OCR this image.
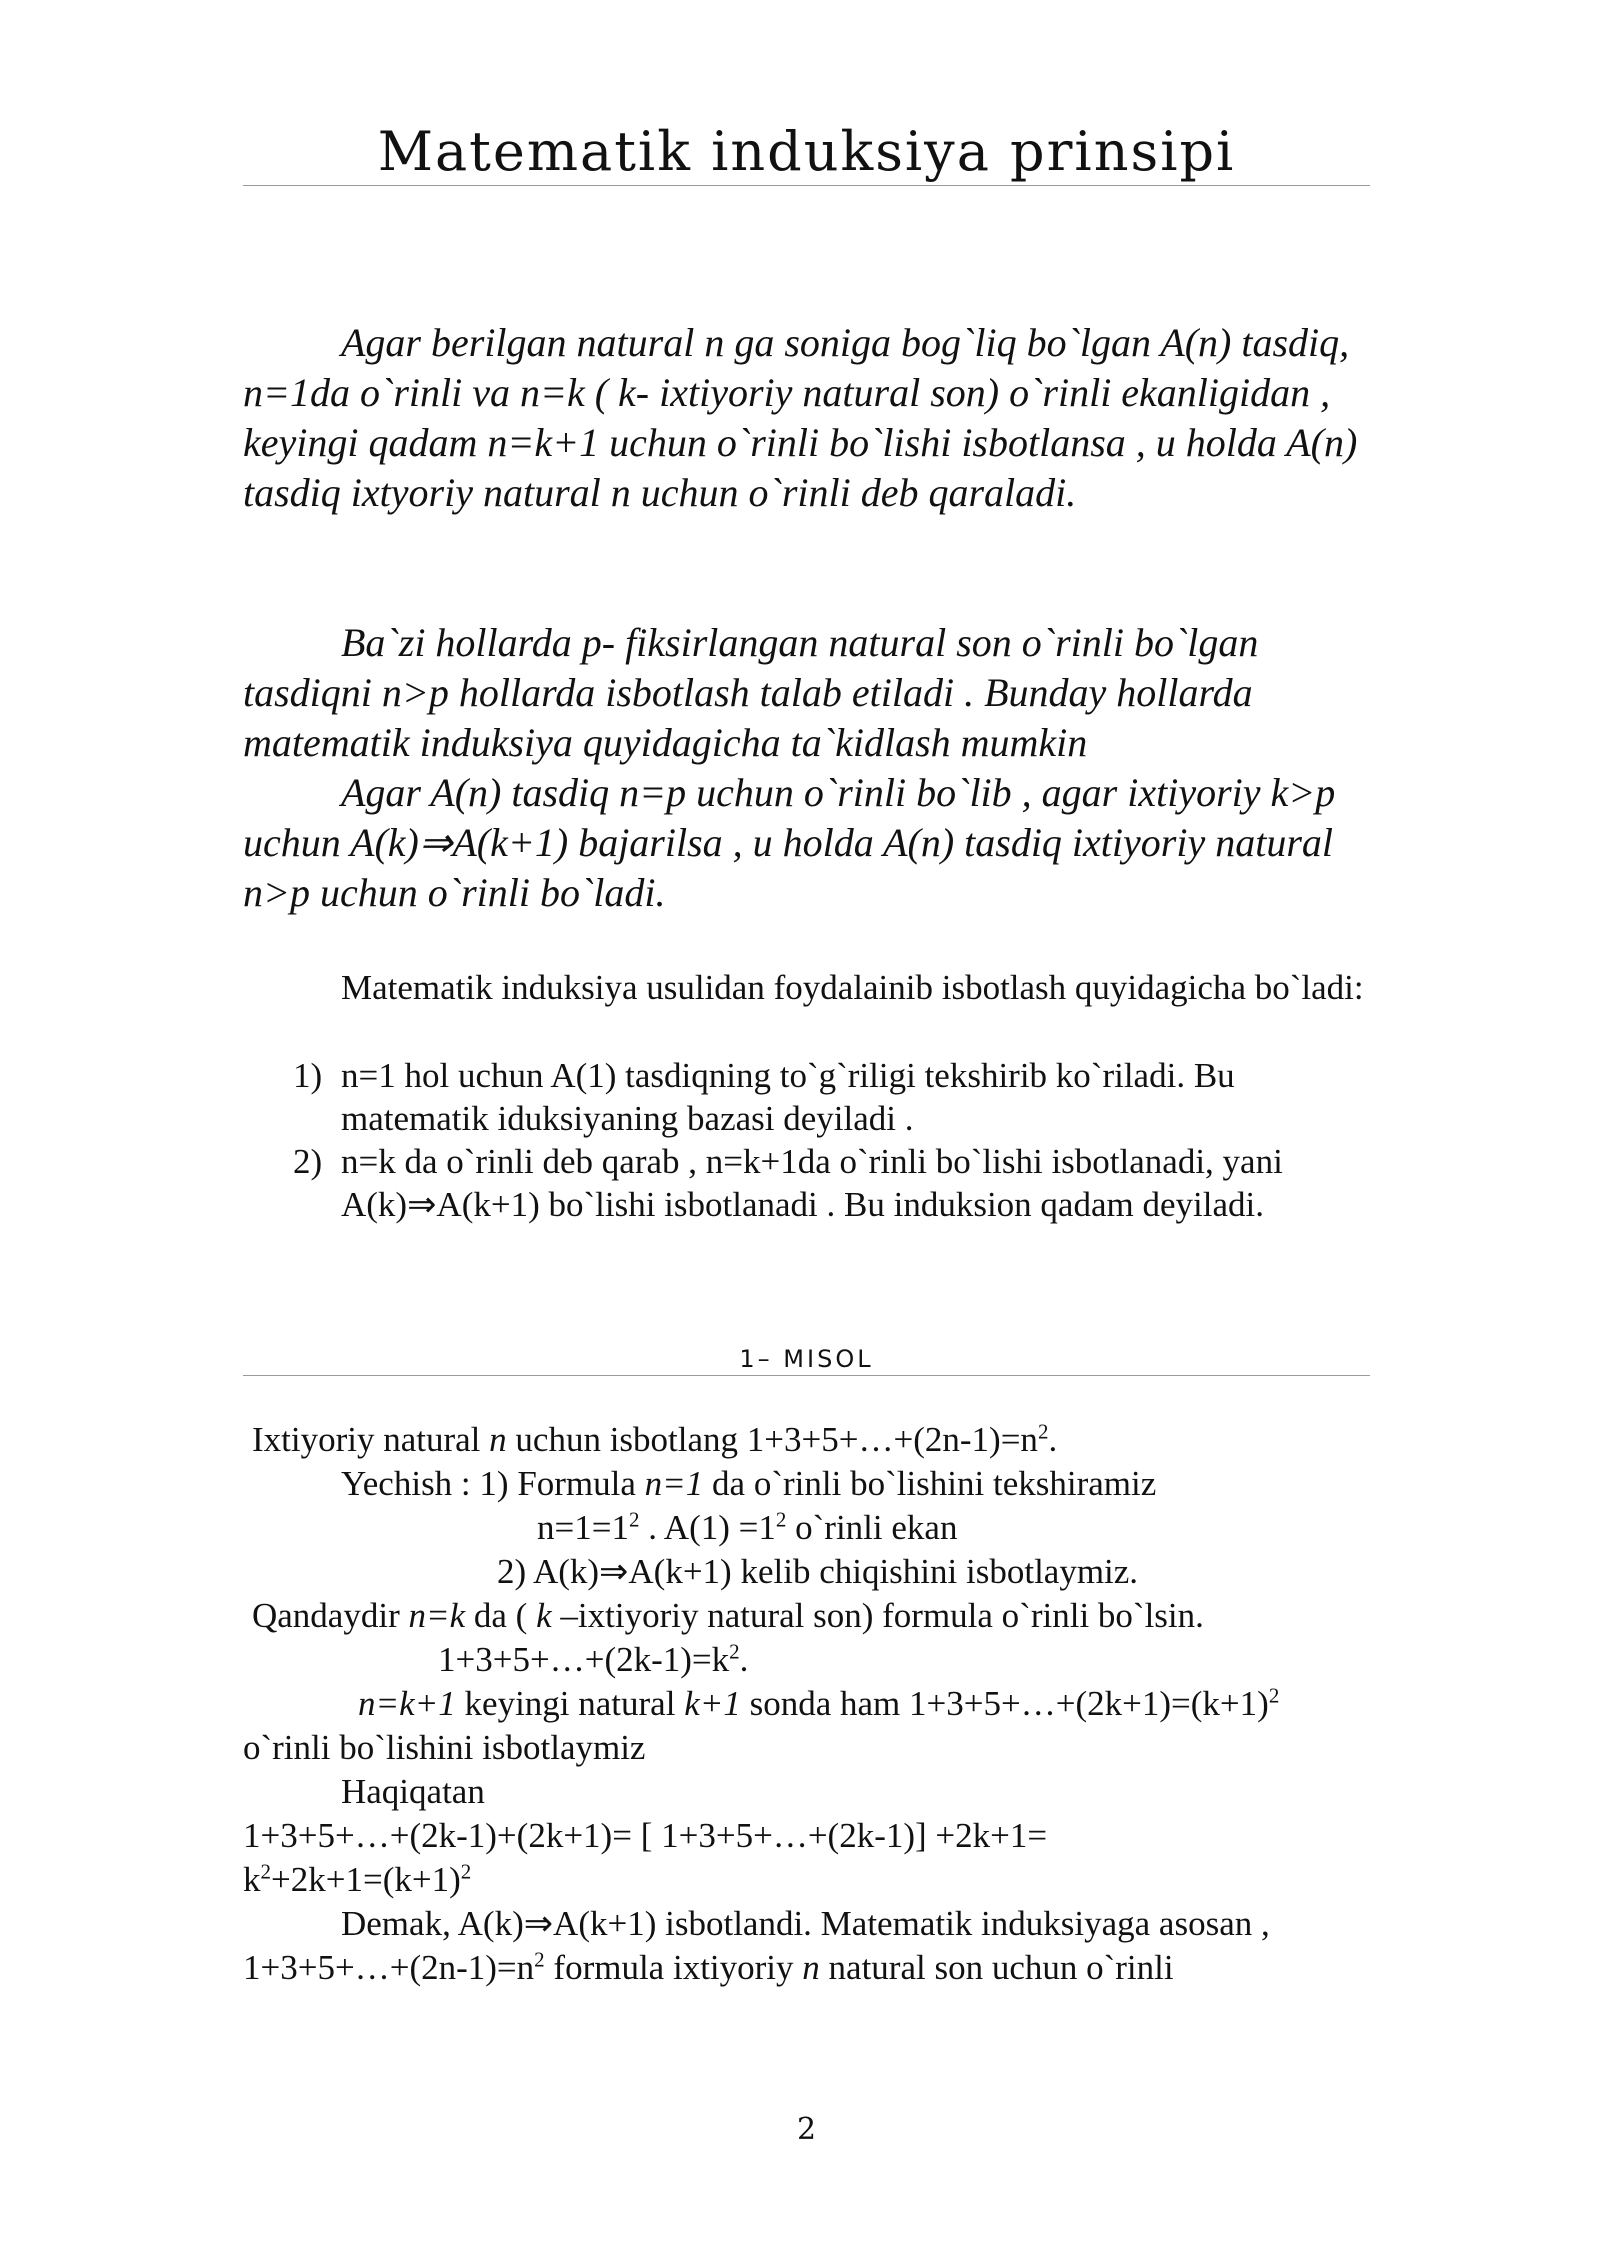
Matematik induksiya prinsipi

Agar berilgan natural n ga soniga bog`liq bo`lgan A(n) tasdiq, n=1da o`rinli va n=k ( k- ixtiyoriy natural son) o`rinli ekanligidan , keyingi qadam n=k+1 uchun o`rinli bo`lishi isbotlansa , u holda A(n) tasdiq ixtyoriy natural n uchun o`rinli deb qaraladi.

Ba`zi hollarda p- fiksirlangan natural son o`rinli bo`lgan tasdiqni n>p hollarda isbotlash talab etiladi . Bunday hollarda matematik induksiya quyidagicha ta`kidlash mumkin

Agar A(n) tasdiq n=p uchun o`rinli bo`lib , agar ixtiyoriy k>p uchun A(k)⇒A(k+1) bajarilsa , u holda A(n) tasdiq ixtiyoriy natural n>p uchun o`rinli bo`ladi.

Matematik induksiya usulidan foydalainib isbotlash quyidagicha bo`ladi:

1) n=1 hol uchun A(1) tasdiqning to`g`riligi tekshirib ko`riladi. Bu matematik iduksiyaning bazasi deyiladi .
2) n=k da o`rinli deb qarab , n=k+1da o`rinli bo`lishi isbotlanadi, yani A(k)⇒A(k+1) bo`lishi isbotlanadi . Bu induksion qadam deyiladi.
1– MISOL

Ixtiyoriy natural n uchun isbotlang $1+3+5+\dots+(2n-1)=n^2$.

Yechish : 1) Formula n=1 da o`rinli bo`lishini tekshiramiz

$n=1=1^2$ . $A(1) =1^2$ o`rinli ekan

2) A(k)⇒A(k+1) kelib chiqishini isbotlaymiz.

Qandaydir n=k da ( k –ixtiyoriy natural son) formula o`rinli bo`lsin.

$1+3+5+\dots+(2k-1)=k^2$.

n=k+1 keyingi natural k+1 sonda ham $1+3+5+\dots+(2k+1)=(k+1)^2$

o`rinli bo`lishini isbotlaymiz

Haqiqatan

1+3+5+…+(2k-1)+(2k+1)= [ 1+3+5+…+(2k-1)] +2k+1=

$k^2+2k+1=(k+1)^2$

Demak, A(k)⇒A(k+1) isbotlandi. Matematik induksiyaga asosan ,

$1+3+5+\dots+(2n-1)=n^2$ formula ixtiyoriy n natural son uchun o`rinli

2
